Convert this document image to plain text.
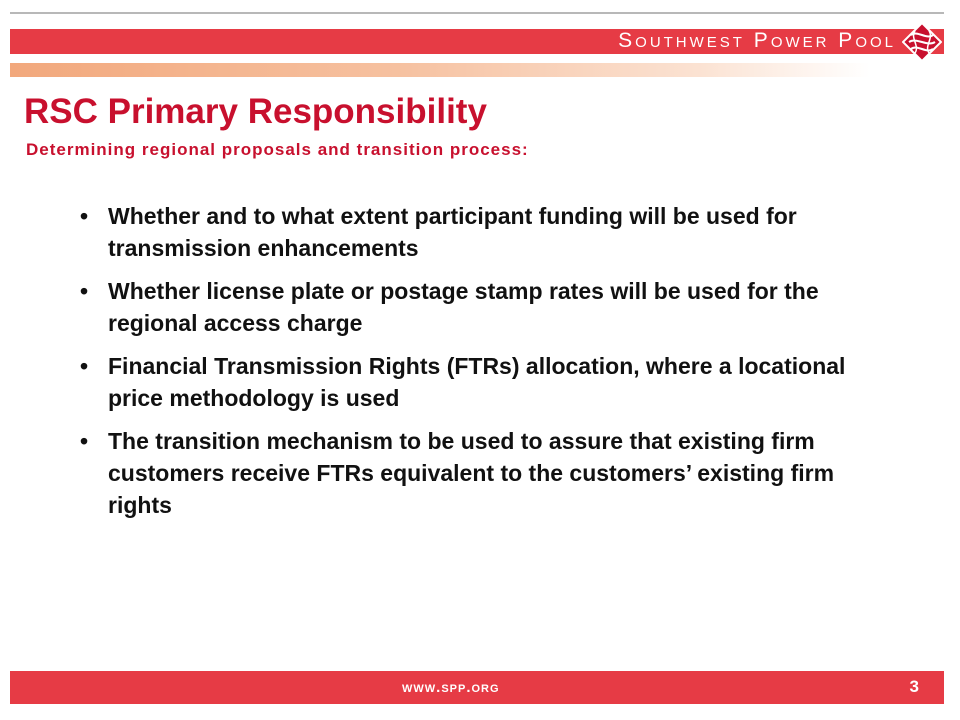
Southwest Power Pool
RSC Primary Responsibility
Determining regional proposals and transition process:
• Whether and to what extent participant funding will be used for transmission enhancements
• Whether license plate or postage stamp rates will be used for the regional access charge
• Financial Transmission Rights (FTRs) allocation, where a locational price methodology is used
• The transition mechanism to be used to assure that existing firm customers receive FTRs equivalent to the customers’ existing firm rights
www.spp.org	3
